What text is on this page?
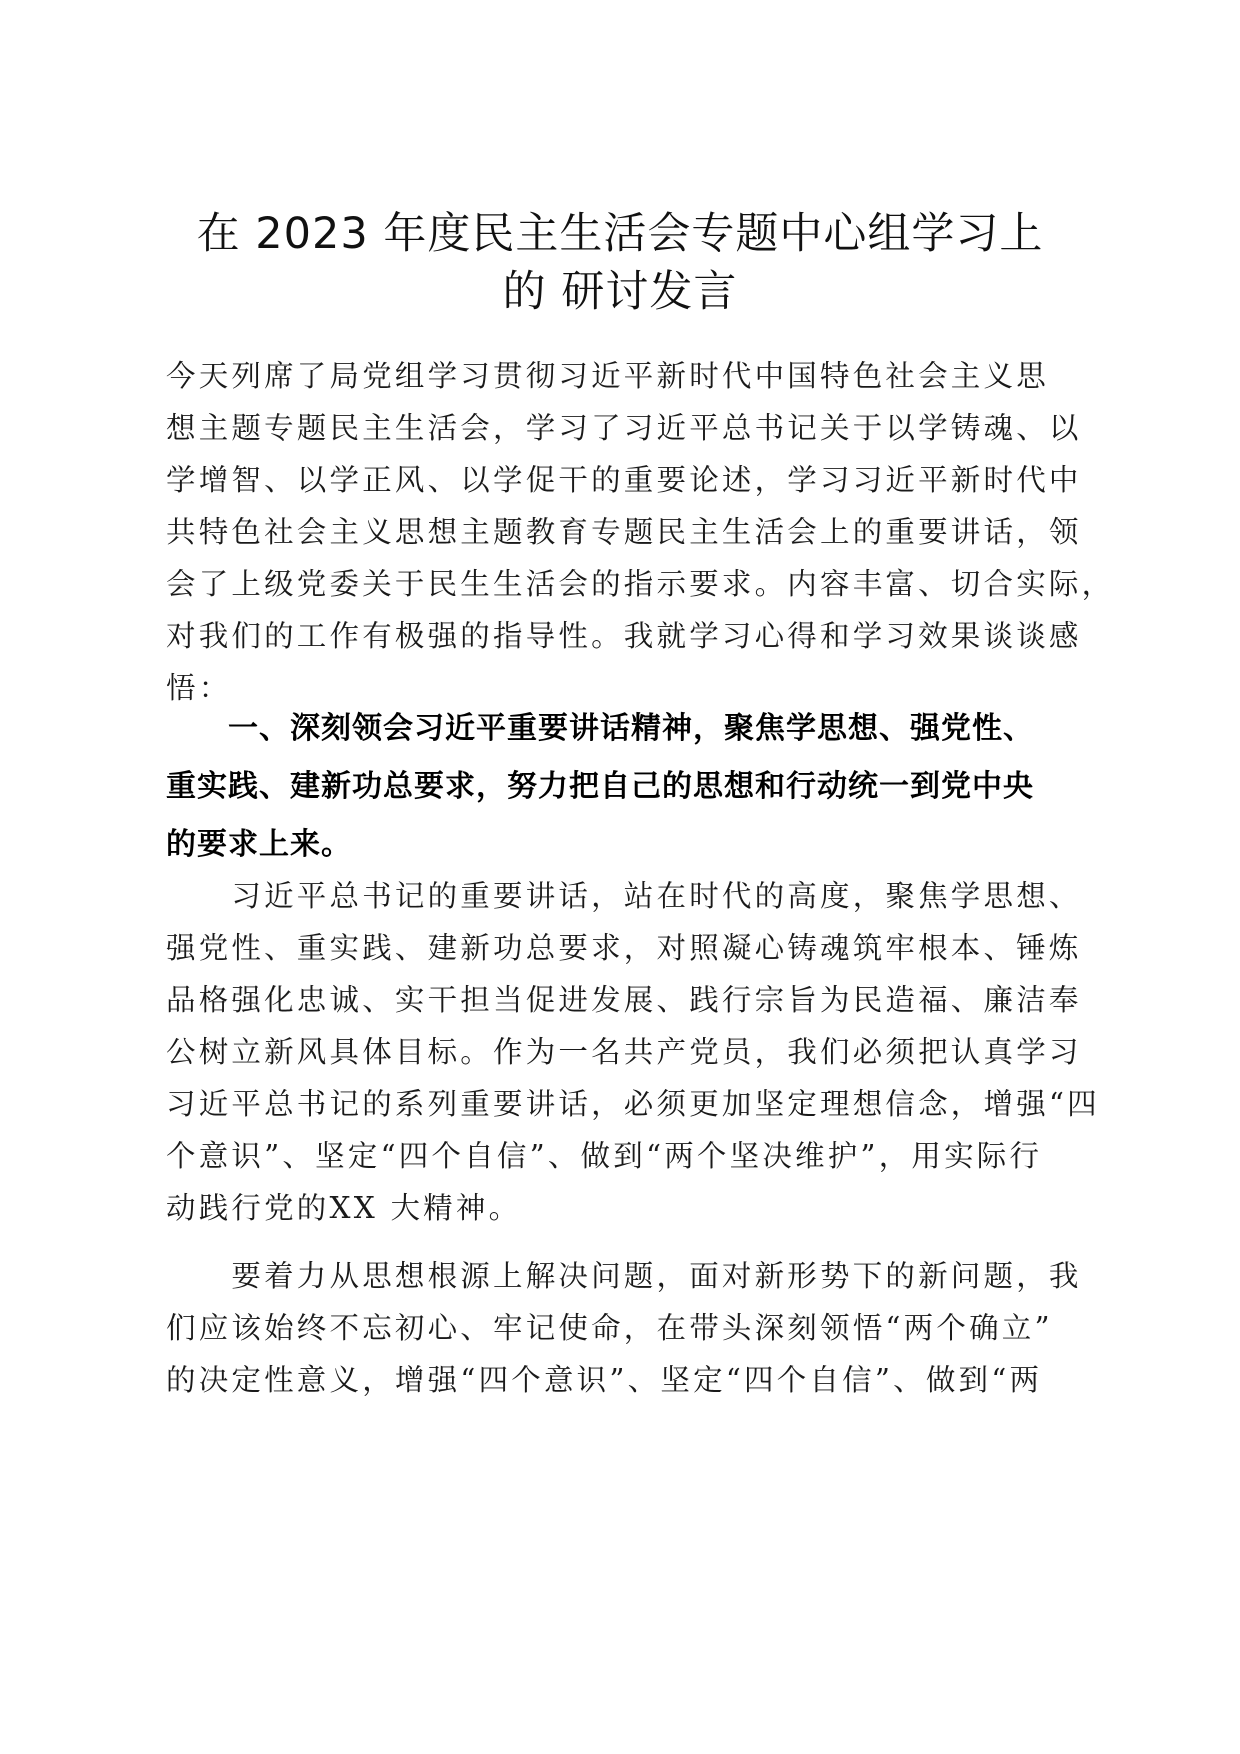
在 2023 年度民主生活会专题中心组学习上
的 研讨发言

今天列席了局党组学习贯彻习近平新时代中国特色社会主义思
想主题专题民主生活会，学习了习近平总书记关于以学铸魂、以
学增智、以学正风、以学促干的重要论述，学习习近平新时代中
共特色社会主义思想主题教育专题民主生活会上的重要讲话，领
会了上级党委关于民生生活会的指示要求。内容丰富、切合实际，
对我们的工作有极强的指导性。我就学习心得和学习效果谈谈感
悟：

　　一、深刻领会习近平重要讲话精神，聚焦学思想、强党性、
重实践、建新功总要求，努力把自己的思想和行动统一到党中央
的要求上来。

　　习近平总书记的重要讲话，站在时代的高度，聚焦学思想、
强党性、重实践、建新功总要求，对照凝心铸魂筑牢根本、锤炼
品格强化忠诚、实干担当促进发展、践行宗旨为民造福、廉洁奉
公树立新风具体目标。作为一名共产党员，我们必须把认真学习
习近平总书记的系列重要讲话，必须更加坚定理想信念，增强“四
个意识”、坚定“四个自信”、做到“两个坚决维护”，用实际行
动践行党的XX 大精神。

　　要着力从思想根源上解决问题，面对新形势下的新问题，我
们应该始终不忘初心、牢记使命，在带头深刻领悟“两个确立”
的决定性意义，增强“四个意识”、坚定“四个自信”、做到“两
